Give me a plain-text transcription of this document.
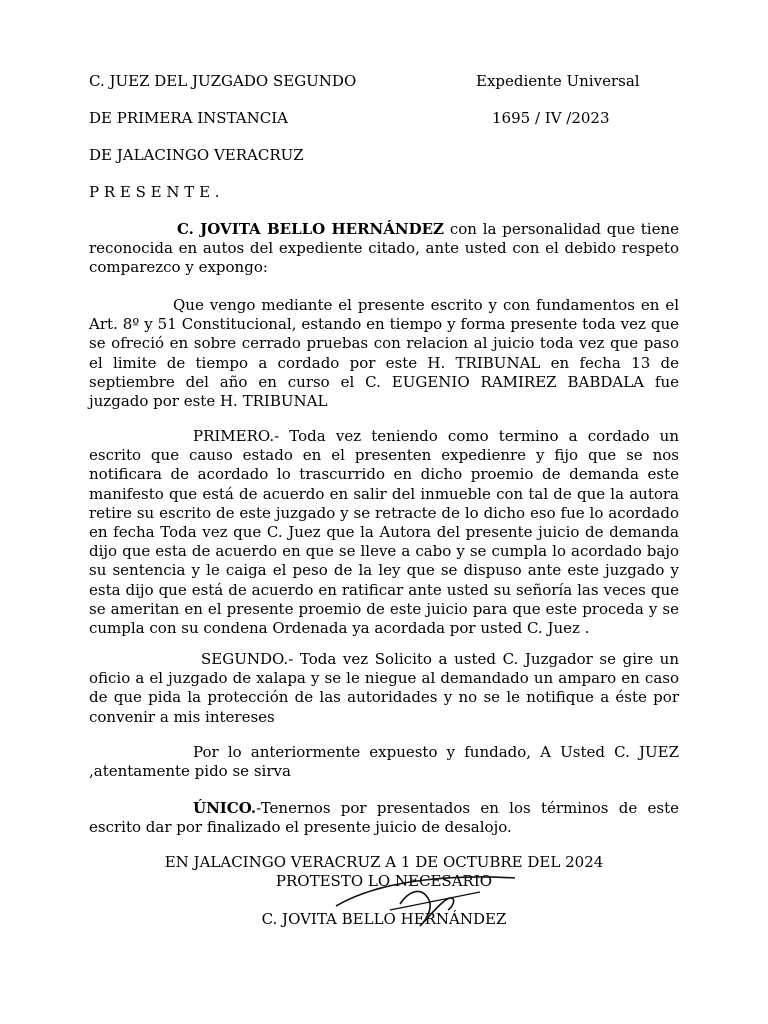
C. JUEZ DEL JUZGADO SEGUNDO
DE PRIMERA INSTANCIA
DE JALACINGO VERACRUZ
P R E S E N T E .
Expediente Universal
1695 / IV /2023
C. JOVITA BELLO HERNÁNDEZ con la personalidad que tiene reconocida en autos del expediente citado, ante usted con el debido respeto comparezco y expongo:
Que vengo mediante el presente escrito y con fundamentos en el Art. 8º y 51 Constitucional, estando en tiempo y forma presente toda vez que se ofreció en sobre cerrado pruebas con relacion al juicio toda vez que paso el limite de tiempo a cordado por este H. TRIBUNAL en fecha 13 de septiembre del año en curso el C. EUGENIO RAMIREZ BABDALA fue juzgado por este H. TRIBUNAL
PRIMERO.- Toda vez teniendo como termino a cordado un escrito que causo estado en el presenten expedienre y fijo que se nos notificara de acordado lo trascurrido en dicho proemio de demanda este manifesto que está de acuerdo en salir del inmueble con tal de que la autora retire su escrito de este juzgado y se retracte de lo dicho eso fue lo acordado en fecha Toda vez que C. Juez que la Autora del presente juicio de demanda dijo que esta de acuerdo en que se lleve a cabo y se cumpla lo acordado bajo su sentencia y le caiga el peso de la ley que se dispuso ante este juzgado y esta dijo que está de acuerdo en ratificar ante usted su señoría las veces que se ameritan en el presente proemio de este juicio para que este proceda y se cumpla con su condena Ordenada ya acordada por usted C. Juez .
SEGUNDO.- Toda vez Solicito a usted C. Juzgador se gire un oficio a el juzgado de xalapa y se le niegue al demandado un amparo en caso de que pida la protección de las autoridades y no se le notifique a éste por convenir a mis intereses
Por lo anteriormente expuesto y fundado, A Usted C. JUEZ ,atentamente pido se sirva
ÚNICO.-Tenernos por presentados en los términos de este escrito dar por finalizado el presente juicio de desalojo.
EN JALACINGO VERACRUZ A 1 DE OCTUBRE DEL 2024
PROTESTO LO NECESARIO
C. JOVITA BELLO HERNÁNDEZ
